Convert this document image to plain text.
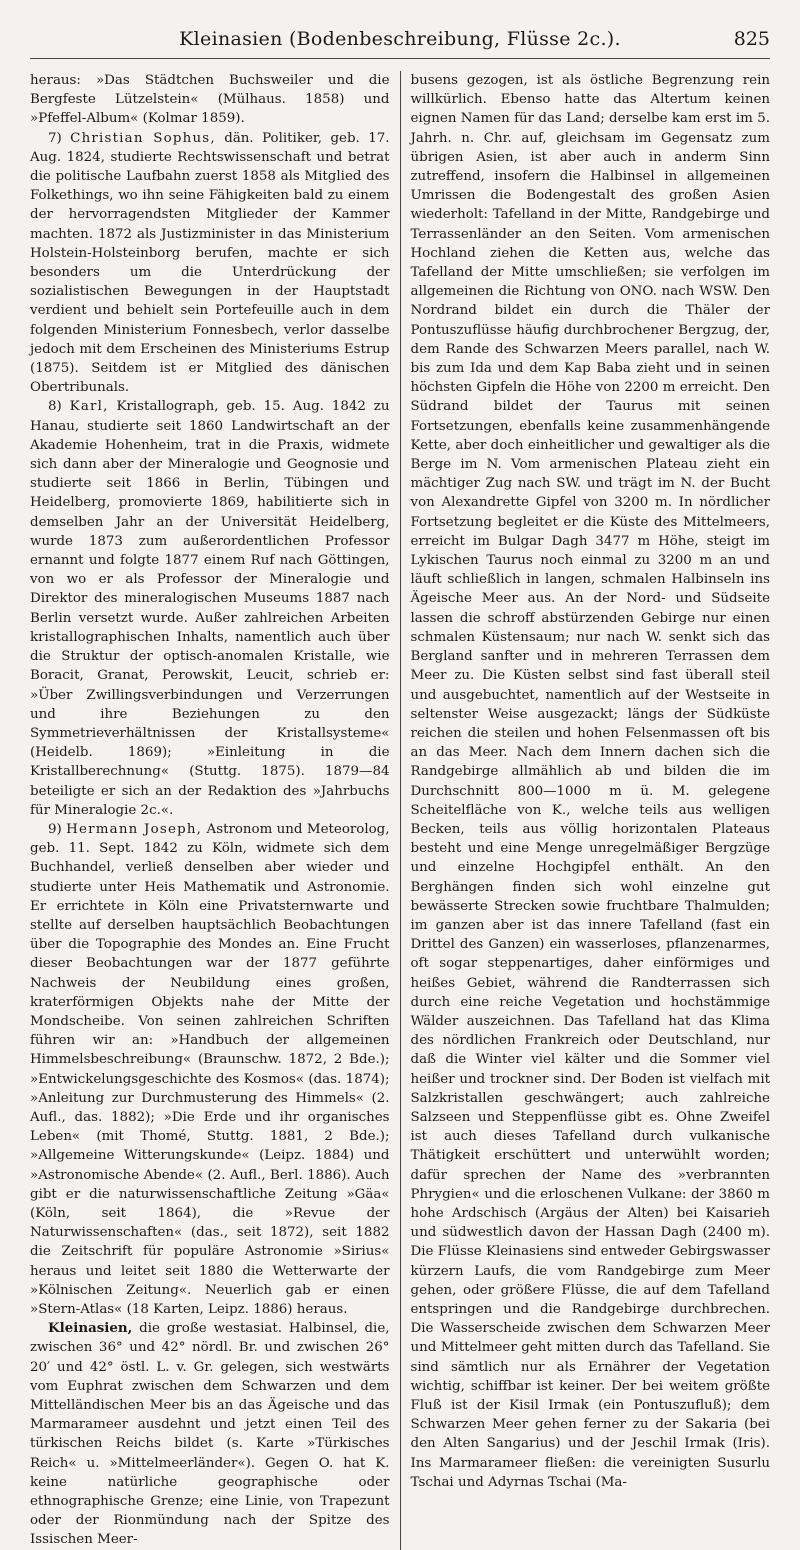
Kleinasien (Bodenbeschreibung, Flüsse 2c.).	825

heraus: »Das Städtchen Buchsweiler und die Bergfeste Lützelstein« (Mülhaus. 1858) und »Pfeffel-Album« (Kolmar 1859).

7) Christian Sophus, dän. Politiker, geb. 17. Aug. 1824, studierte Rechtswissenschaft und betrat die politische Laufbahn zuerst 1858 als Mitglied des Folkethings, wo ihn seine Fähigkeiten bald zu einem der hervorragendsten Mitglieder der Kammer machten. 1872 als Justizminister in das Ministerium Holstein-Holsteinborg berufen, machte er sich besonders um die Unterdrückung der sozialistischen Bewegungen in der Hauptstadt verdient und behielt sein Portefeuille auch in dem folgenden Ministerium Fonnesbech, verlor dasselbe jedoch mit dem Erscheinen des Ministeriums Estrup (1875). Seitdem ist er Mitglied des dänischen Obertribunals.

8) Karl, Kristallograph, geb. 15. Aug. 1842 zu Hanau, studierte seit 1860 Landwirtschaft an der Akademie Hohenheim, trat in die Praxis, widmete sich dann aber der Mineralogie und Geognosie und studierte seit 1866 in Berlin, Tübingen und Heidelberg, promovierte 1869, habilitierte sich in demselben Jahr an der Universität Heidelberg, wurde 1873 zum außerordentlichen Professor ernannt und folgte 1877 einem Ruf nach Göttingen, von wo er als Professor der Mineralogie und Direktor des mineralogischen Museums 1887 nach Berlin versetzt wurde. Außer zahlreichen Arbeiten kristallographischen Inhalts, namentlich auch über die Struktur der optisch-anomalen Kristalle, wie Boracit, Granat, Perowskit, Leucit, schrieb er: »Über Zwillingsverbindungen und Verzerrungen und ihre Beziehungen zu den Symmetrieverhältnissen der Kristallsysteme« (Heidelb. 1869); »Einleitung in die Kristallberechnung« (Stuttg. 1875). 1879—84 beteiligte er sich an der Redaktion des »Jahrbuchs für Mineralogie 2c.«.

9) Hermann Joseph, Astronom und Meteorolog, geb. 11. Sept. 1842 zu Köln, widmete sich dem Buchhandel, verließ denselben aber wieder und studierte unter Heis Mathematik und Astronomie. Er errichtete in Köln eine Privatsternwarte und stellte auf derselben hauptsächlich Beobachtungen über die Topographie des Mondes an. Eine Frucht dieser Beobachtungen war der 1877 geführte Nachweis der Neubildung eines großen, kraterförmigen Objekts nahe der Mitte der Mondscheibe. Von seinen zahlreichen Schriften führen wir an: »Handbuch der allgemeinen Himmelsbeschreibung« (Braunschw. 1872, 2 Bde.); »Entwickelungsgeschichte des Kosmos« (das. 1874); »Anleitung zur Durchmusterung des Himmels« (2. Aufl., das. 1882); »Die Erde und ihr organisches Leben« (mit Thomé, Stuttg. 1881, 2 Bde.); »Allgemeine Witterungskunde« (Leipz. 1884) und »Astronomische Abende« (2. Aufl., Berl. 1886). Auch gibt er die naturwissenschaftliche Zeitung »Gäa« (Köln, seit 1864), die »Revue der Naturwissenschaften« (das., seit 1872), seit 1882 die Zeitschrift für populäre Astronomie »Sirius« heraus und leitet seit 1880 die Wetterwarte der »Kölnischen Zeitung«. Neuerlich gab er einen »Stern-Atlas« (18 Karten, Leipz. 1886) heraus.

Kleinasien, die große westasiat. Halbinsel, die, zwischen 36° und 42° nördl. Br. und zwischen 26° 20′ und 42° östl. L. v. Gr. gelegen, sich westwärts vom Euphrat zwischen dem Schwarzen und dem Mittelländischen Meer bis an das Ägeische und das Marmarameer ausdehnt und jetzt einen Teil des türkischen Reichs bildet (s. Karte »Türkisches Reich« u. »Mittelmeerländer«). Gegen O. hat K. keine natürliche geographische oder ethnographische Grenze; eine Linie, von Trapezunt oder der Rionmündung nach der Spitze des Issischen Meer-

busens gezogen, ist als östliche Begrenzung rein willkürlich. Ebenso hatte das Altertum keinen eignen Namen für das Land; derselbe kam erst im 5. Jahrh. n. Chr. auf, gleichsam im Gegensatz zum übrigen Asien, ist aber auch in anderm Sinn zutreffend, insofern die Halbinsel in allgemeinen Umrissen die Bodengestalt des großen Asien wiederholt: Tafelland in der Mitte, Randgebirge und Terrassenländer an den Seiten. Vom armenischen Hochland ziehen die Ketten aus, welche das Tafelland der Mitte umschließen; sie verfolgen im allgemeinen die Richtung von ONO. nach WSW. Den Nordrand bildet ein durch die Thäler der Pontuszuflüsse häufig durchbrochener Bergzug, der, dem Rande des Schwarzen Meers parallel, nach W. bis zum Ida und dem Kap Baba zieht und in seinen höchsten Gipfeln die Höhe von 2200 m erreicht. Den Südrand bildet der Taurus mit seinen Fortsetzungen, ebenfalls keine zusammenhängende Kette, aber doch einheitlicher und gewaltiger als die Berge im N. Vom armenischen Plateau zieht ein mächtiger Zug nach SW. und trägt im N. der Bucht von Alexandrette Gipfel von 3200 m. In nördlicher Fortsetzung begleitet er die Küste des Mittelmeers, erreicht im Bulgar Dagh 3477 m Höhe, steigt im Lykischen Taurus noch einmal zu 3200 m an und läuft schließlich in langen, schmalen Halbinseln ins Ägeische Meer aus. An der Nord- und Südseite lassen die schroff abstürzenden Gebirge nur einen schmalen Küstensaum; nur nach W. senkt sich das Bergland sanfter und in mehreren Terrassen dem Meer zu. Die Küsten selbst sind fast überall steil und ausgebuchtet, namentlich auf der Westseite in seltenster Weise ausgezackt; längs der Südküste reichen die steilen und hohen Felsenmassen oft bis an das Meer. Nach dem Innern dachen sich die Randgebirge allmählich ab und bilden die im Durchschnitt 800—1000 m ü. M. gelegene Scheitelfläche von K., welche teils aus welligen Becken, teils aus völlig horizontalen Plateaus besteht und eine Menge unregelmäßiger Bergzüge und einzelne Hochgipfel enthält. An den Berghängen finden sich wohl einzelne gut bewässerte Strecken sowie fruchtbare Thalmulden; im ganzen aber ist das innere Tafelland (fast ein Drittel des Ganzen) ein wasserloses, pflanzenarmes, oft sogar steppenartiges, daher einförmiges und heißes Gebiet, während die Randterrassen sich durch eine reiche Vegetation und hochstämmige Wälder auszeichnen. Das Tafelland hat das Klima des nördlichen Frankreich oder Deutschland, nur daß die Winter viel kälter und die Sommer viel heißer und trockner sind. Der Boden ist vielfach mit Salzkristallen geschwängert; auch zahlreiche Salzseen und Steppenflüsse gibt es. Ohne Zweifel ist auch dieses Tafelland durch vulkanische Thätigkeit erschüttert und unterwühlt worden; dafür sprechen der Name des »verbrannten Phrygien« und die erloschenen Vulkane: der 3860 m hohe Ardschisch (Argäus der Alten) bei Kaisarieh und südwestlich davon der Hassan Dagh (2400 m). Die Flüsse Kleinasiens sind entweder Gebirgswasser kürzern Laufs, die vom Randgebirge zum Meer gehen, oder größere Flüsse, die auf dem Tafelland entspringen und die Randgebirge durchbrechen. Die Wasserscheide zwischen dem Schwarzen Meer und Mittelmeer geht mitten durch das Tafelland. Sie sind sämtlich nur als Ernährer der Vegetation wichtig, schiffbar ist keiner. Der bei weitem größte Fluß ist der Kisil Irmak (ein Pontuszufluß); dem Schwarzen Meer gehen ferner zu der Sakaria (bei den Alten Sangarius) und der Jeschil Irmak (Iris). Ins Marmarameer fließen: die vereinigten Susurlu Tschai und Adyrnas Tschai (Ma-
